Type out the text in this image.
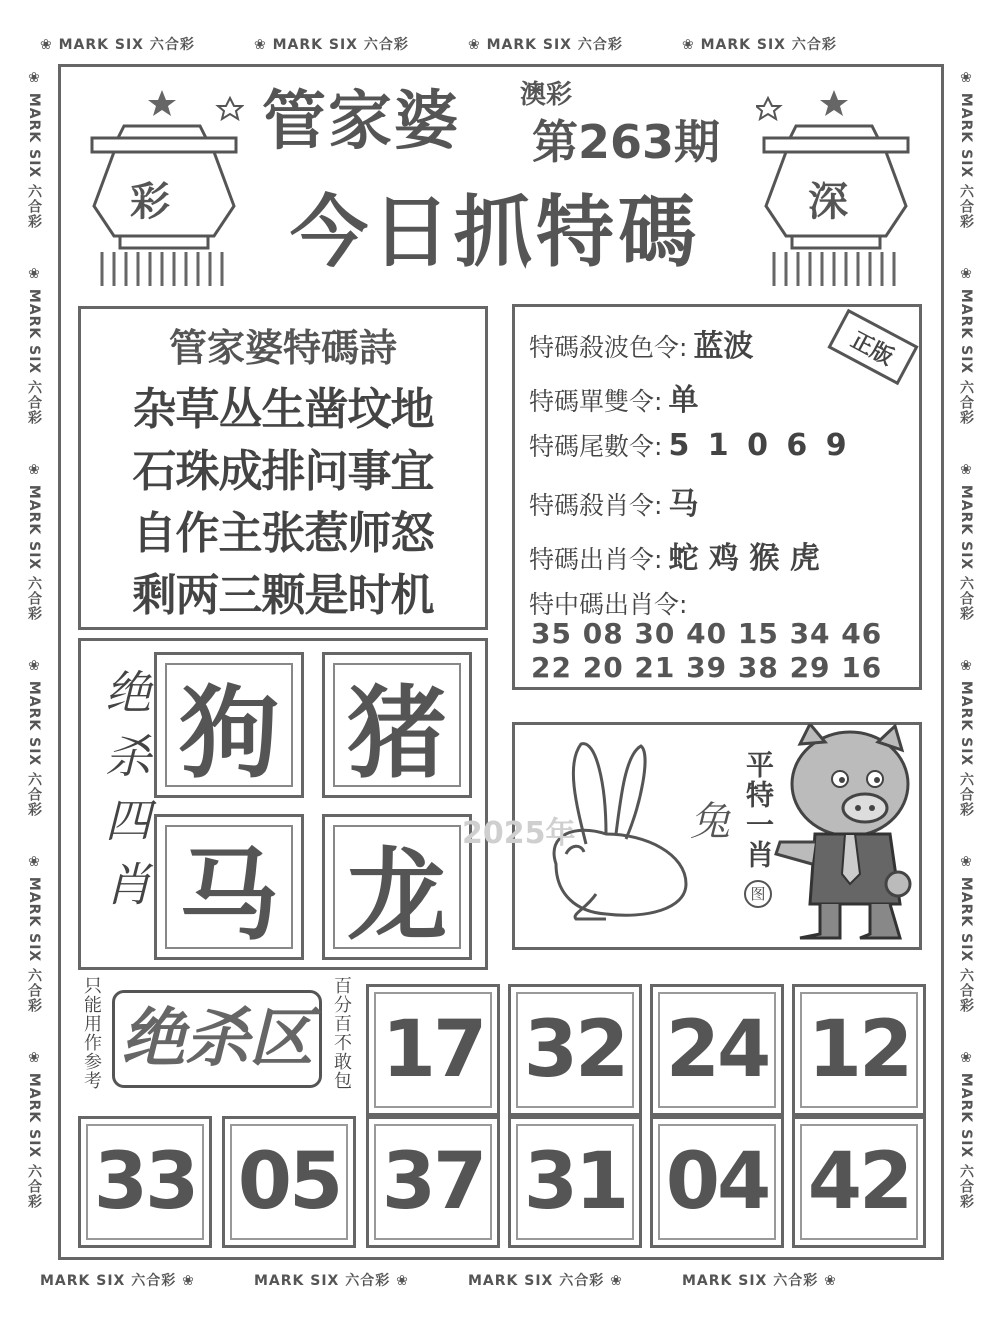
❀ MARK SIX 六合彩
MARK SIX 六合彩 ❀
❀ MARK SIX 六合彩
MARK SIX 六合彩 ❀
❀ MARK SIX 六合彩
MARK SIX 六合彩 ❀
❀ MARK SIX 六合彩
MARK SIX 六合彩 ❀
❀ MARK SIX 六合彩	❀ MARK SIX 六合彩
❀ MARK SIX 六合彩	❀ MARK SIX 六合彩
❀ MARK SIX 六合彩	❀ MARK SIX 六合彩
❀ MARK SIX 六合彩	❀ MARK SIX 六合彩
❀ MARK SIX 六合彩	❀ MARK SIX 六合彩
❀ MARK SIX 六合彩	❀ MARK SIX 六合彩
管家婆 澳彩
第263期
今日抓特碼
彩	深
管家婆特碼詩
杂草丛生凿坟地
石珠成排问事宜
自作主张惹师怒
剩两三颗是时机
特碼殺波色令: 蓝波
特碼單雙令: 单
特碼尾數令: 5 1 0 6 9
特碼殺肖令: 马
特碼出肖令: 蛇 鸡 猴 虎
特中碼出肖令:
35 08 30 40 15 34 46
22 20 21 39 38 29 16
正版
绝杀四肖 狗 猪
马 龙
兔 平特一肖
图
2025年
只能用作参考 绝杀区	百分百不敢包 17 32 24 12
33 05 37 31 04 42
